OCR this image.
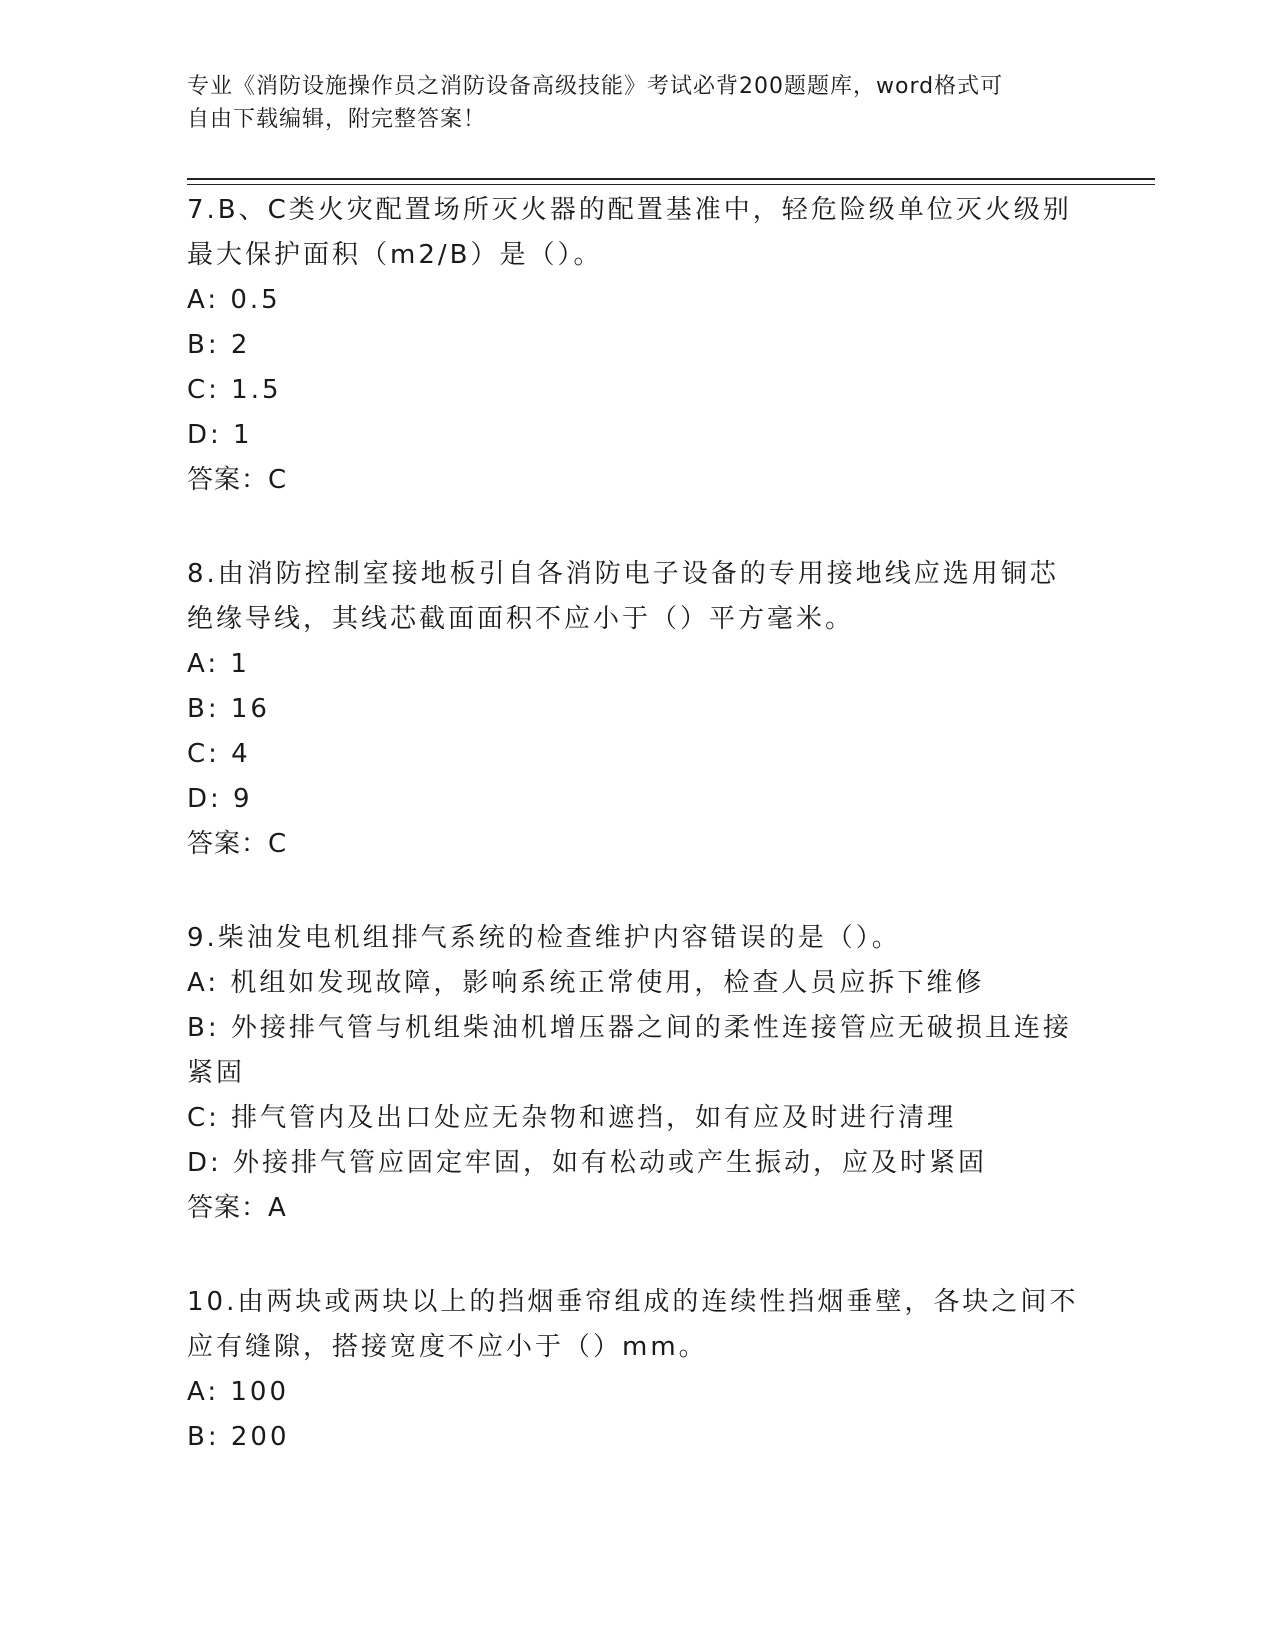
专业《消防设施操作员之消防设备高级技能》考试必背200题题库，word格式可
自由下载编辑，附完整答案！
7.B、C类火灾配置场所灭火器的配置基准中，轻危险级单位灭火级别
最大保护面积（m2/B）是（）。
A: 0.5
B: 2
C: 1.5
D: 1
答案：C
8.由消防控制室接地板引自各消防电子设备的专用接地线应选用铜芯
绝缘导线，其线芯截面面积不应小于（）平方毫米。
A: 1
B: 16
C: 4
D: 9
答案：C
9.柴油发电机组排气系统的检查维护内容错误的是（）。
A: 机组如发现故障，影响系统正常使用，检查人员应拆下维修
B: 外接排气管与机组柴油机增压器之间的柔性连接管应无破损且连接
紧固
C: 排气管内及出口处应无杂物和遮挡，如有应及时进行清理
D: 外接排气管应固定牢固，如有松动或产生振动，应及时紧固
答案：A
10.由两块或两块以上的挡烟垂帘组成的连续性挡烟垂壁，各块之间不
应有缝隙，搭接宽度不应小于（）mm。
A: 100
B: 200
